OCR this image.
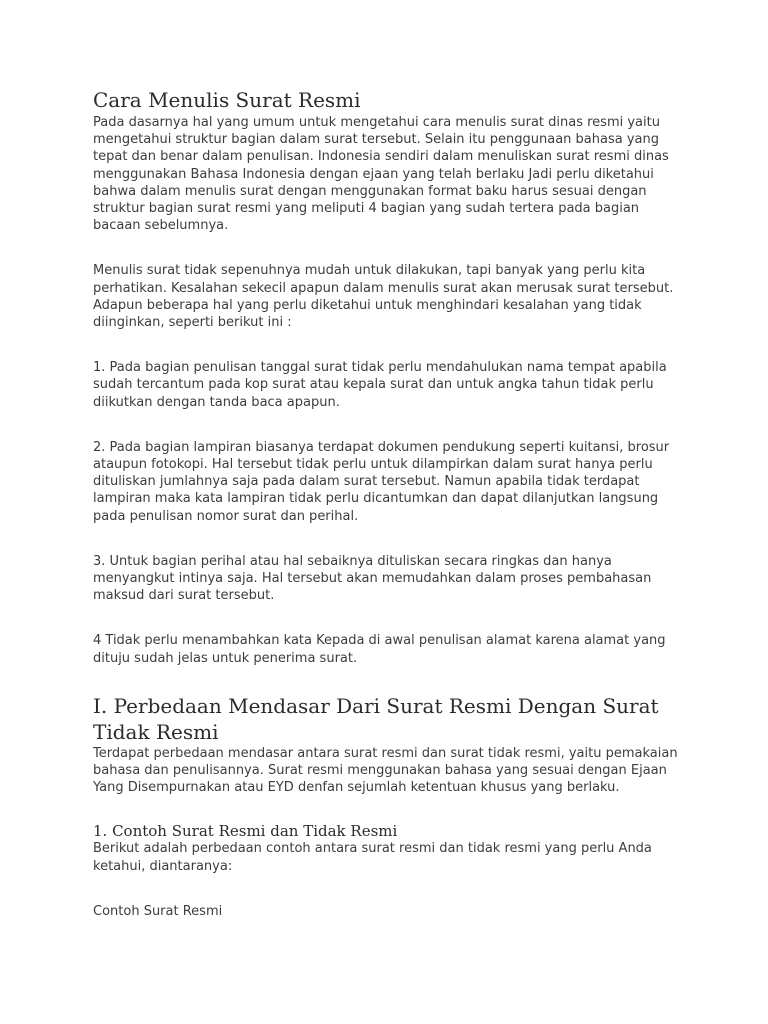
Cara Menulis Surat Resmi

Pada dasarnya hal yang umum untuk mengetahui cara menulis surat dinas resmi yaitu mengetahui struktur bagian dalam surat tersebut. Selain itu penggunaan bahasa yang tepat dan benar dalam penulisan. Indonesia sendiri dalam menuliskan surat resmi dinas menggunakan Bahasa Indonesia dengan ejaan yang telah berlaku Jadi perlu diketahui bahwa dalam menulis surat dengan menggunakan format baku harus sesuai dengan struktur bagian surat resmi yang meliputi 4 bagian yang sudah tertera pada bagian bacaan sebelumnya.

Menulis surat tidak sepenuhnya mudah untuk dilakukan, tapi banyak yang perlu kita perhatikan. Kesalahan sekecil apapun dalam menulis surat akan merusak surat tersebut. Adapun beberapa hal yang perlu diketahui untuk menghindari kesalahan yang tidak diinginkan, seperti berikut ini :

1. Pada bagian penulisan tanggal surat tidak perlu mendahulukan nama tempat apabila sudah tercantum pada kop surat atau kepala surat dan untuk angka tahun tidak perlu diikutkan dengan tanda baca apapun.

2. Pada bagian lampiran biasanya terdapat dokumen pendukung seperti kuitansi, brosur ataupun fotokopi. Hal tersebut tidak perlu untuk dilampirkan dalam surat hanya perlu dituliskan jumlahnya saja pada dalam surat tersebut. Namun apabila tidak terdapat lampiran maka kata lampiran tidak perlu dicantumkan dan dapat dilanjutkan langsung pada penulisan nomor surat dan perihal.

3. Untuk bagian perihal atau hal sebaiknya dituliskan secara ringkas dan hanya menyangkut intinya saja. Hal tersebut akan memudahkan dalam proses pembahasan maksud dari surat tersebut.

4 Tidak perlu menambahkan kata Kepada di awal penulisan alamat karena alamat yang dituju sudah jelas untuk penerima surat.

I. Perbedaan Mendasar Dari Surat Resmi Dengan Surat Tidak Resmi

Terdapat perbedaan mendasar antara surat resmi dan surat tidak resmi, yaitu pemakaian bahasa dan penulisannya. Surat resmi menggunakan bahasa yang sesuai dengan Ejaan Yang Disempurnakan atau EYD denfan sejumlah ketentuan khusus yang berlaku.

1. Contoh Surat Resmi dan Tidak Resmi

Berikut adalah perbedaan contoh antara surat resmi dan tidak resmi yang perlu Anda ketahui, diantaranya:

Contoh Surat Resmi
